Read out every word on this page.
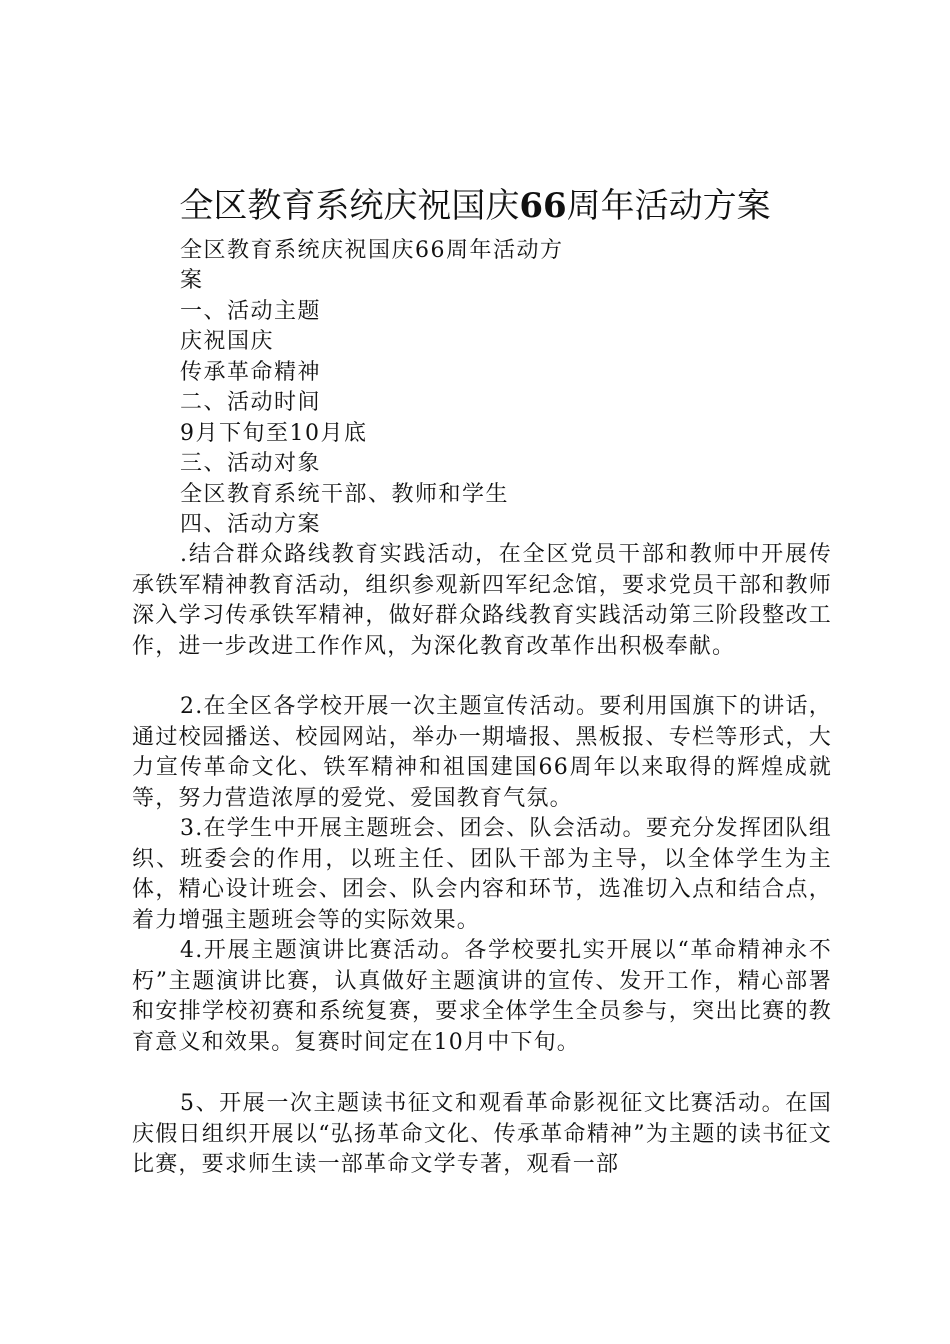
全区教育系统庆祝国庆66周年活动方案

全区教育系统庆祝国庆66周年活动方

案

一、活动主题

庆祝国庆

传承革命精神

二、活动时间

9月下旬至10月底

三、活动对象

全区教育系统干部、教师和学生

四、活动方案

.结合群众路线教育实践活动，在全区党员干部和教师中开展传承铁军精神教育活动，组织参观新四军纪念馆，要求党员干部和教师深入学习传承铁军精神，做好群众路线教育实践活动第三阶段整改工作，进一步改进工作作风，为深化教育改革作出积极奉献。

2.在全区各学校开展一次主题宣传活动。要利用国旗下的讲话，通过校园播送、校园网站，举办一期墙报、黑板报、专栏等形式，大力宣传革命文化、铁军精神和祖国建国66周年以来取得的辉煌成就等，努力营造浓厚的爱党、爱国教育气氛。

3.在学生中开展主题班会、团会、队会活动。要充分发挥团队组织、班委会的作用，以班主任、团队干部为主导，以全体学生为主体，精心设计班会、团会、队会内容和环节，选准切入点和结合点，着力增强主题班会等的实际效果。

4.开展主题演讲比赛活动。各学校要扎实开展以“革命精神永不朽”主题演讲比赛，认真做好主题演讲的宣传、发开工作，精心部署和安排学校初赛和系统复赛，要求全体学生全员参与，突出比赛的教育意义和效果。复赛时间定在10月中下旬。

5、开展一次主题读书征文和观看革命影视征文比赛活动。在国庆假日组织开展以“弘扬革命文化、传承革命精神”为主题的读书征文比赛，要求师生读一部革命文学专著，观看一部
